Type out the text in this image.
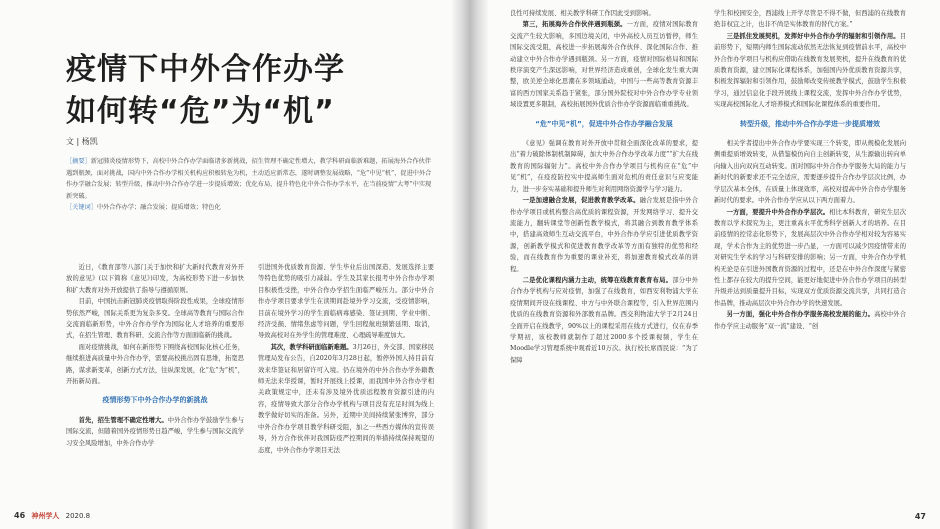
疫情下中外合作办学
如何转“危”为“机”
文 | 杨凯
［摘要］新冠肺炎疫情形势下，高校中外合作办学面临诸多新挑战，招生管理不确定性增大，教学科研面临新难题，拓展海外合作伙伴遇到瓶颈，面对挑战，国内中外合作办学相关机构应积极转危为机，主动适应新常态，遂时调整发展战略，“危”中见“机”，促进中外合作办学融合发展；转型升级，推动中外合作办学进一步提质增效；优化布局，提升特色化中外合作办学水平，在当前疫情“大考”中实现新突破。
［关键词］中外合作办学；融合发展；提质增效；特色化

近日，《教育部等八部门关于加快和扩大新时代教育对外开放的意见》(以下简称《意见》)印发，为高校形势下进一步加快和扩大教育对外开放提供了指导与遵循原则。

目前，中国抗击新冠肺炎疫情取得阶段性成果，全球疫情形势依然严峻，国际关系更为复杂多变。全球高等教育与国际合作交流面临新形势，中外合作办学作为国际化人才培养的重要形式，在招生管理、教育科研、交流合作等方面面临新的挑战。

面对疫情挑战，如何在新形势下围绕高校国际化核心任务，继续推进高质量中外合作办学，需要高校挑出固有思维，拓宽思路，谋求新变革，创新方式方法，往纵深发展，化“危”为“机”，开拓新局面。

疫情形势下中外合作办学的新挑战

首先，招生管理不确定性增大。中外合作办学鼓励学生参与国际交流，但随着国外疫情形势日趋严峻，学生参与国际交流学习安全风险增加，中外合作办学

引进国外优质教育资源、学生毕业后出国深造、发展选择主要等特色优势的吸引力减弱。学生及其家长报考中外合作办学项目积极性受挫，中外合作办学招生面临严峻压力。部分中外合作办学项目要求学生在读期间赴境外学习交流，受疫情影响，目前在境外学习的学生面临病毒感染、签证到期、学业中断、经济受损、情绪焦虑等问题，学生回程航班频繁延期、取消，导致高校对在外学生的管理难度、心理疏导难度加大。

其次，教学科研面临新难题。3月26日，外交部、国家移民管理局发布公告，自2020年3月28日起，暂停外国人持目前有效来华签证和居留许可入境。仍在境外的中外合作办学外籍教师无法来华授课，暂时开展线上授课，而我国中外合作办学相关政策规定中，还未有涉及境外优质远程教育资源引进的内容，疫情导致大部分合作办学机构与项目没有充足时间为线上教学做好切实的准备。另外，近期中美间持续紧张博弈，部分中外合作办学项目教学科研受阻，加之一些西方媒体的宣传误导，外方合作伙伴对我国防疫严控期间的举措持续保持观望的态度，中外合作办学项目无法

46 神州学人 2020.8

良性可持续发展、相关教学科研工作因此受到影响。

第三，拓展海外合作伙伴遇到瓶颈。一方面，疫情对国际教育交流产生较大影响，多国边境关闭，中外高校人员互访暂停，师生国际交流受阻，高校进一步拓展海外合作伙伴、深化国际合作、推动建立中外合作办学遇到瓶颈。另一方面，疫情对国际格局和国际秩序演变产生深远影响，对世界经济造成重创，全球化发生重大调整，欧美逆全球化思潮在多领域涌动，中国与一些高等教育资源丰富的西方国家关系趋于紧张，部分国外院校对中外合作办学专业领域设置更多限制，高校拓展国外优质合作办学资源面临重重挑战。

“危”中见“机”，促进中外合作办学融合发展

《意见》强调在教育对外开放中贯彻全面深化改革的要求，提出“着力破除体制机制障碍，加大中外合作办学改革力度”“扩大在线教育的国际辐射力”。高校中外合作办学项目与机构应在“危”中见“机”，在疫疫防控实中提高师生面对危机的责任意识与应变能力，进一步夯实基础和提升师生对利用网络资源学与学习能力。

一是加速融合发展，促进教育教学改革。融合发展是指中外合作办学项目或机构整合高优质的课程资源，开发网络学习、提升交流能力，翻转课堂等创新性教学模式，将其融合到教育教学体系中，搭建高效师生互动交流平台，中外合作办学应引进优质教学资源，创新教学模式和促进教育教学改革等方面有独特的优势和经验，而在线教育作为重要的课业补充，将加速教育模式改革的讲程。

二是优化课程内涵力主动，统筹在线教育教育布局。部分中外合作办学机构与应对疫情，加强了在线教育，如西安利物浦大学在疫情期间开设在线课程、中方与中外联合课程等，引入世界范围内优质的在线教育资源和外部教育品牌。西交利物浦大学于2月24日全面开启在线教学，90%以上的课程采用在线方式进行，仅在春季学期初，该校教师就制作了超过2000多个授课视频，学生在Moodle学习管理系统中观看近10万次。执行校长席酉民说：“为了保障

学生和校园安全，西浦线上开学尽管是不得不做，但西浦的在线教育绝非权宜之计，也非不尚是实体教育的替代方案。”

三是抓住发展契机，发挥好中外合作办学的辐射和引领作用。目前形势下，短期内师生国际流动依然无法恢复到疫情前水平，高校中外合作办学项目与机构应借助在线教育发展契机，提升在线教育的优质教育资源，建立国际化课程体系，加强国内外优质教育资源共享，积极发挥辐射和引领作用，鼓励师改变传统教学模式，鼓励学生积极学习，通过信息化手段开展线上课程交流，发挥中外合作办学优势，实现高校国际化人才培养模式和国际化课程体系的重要作用。

转型升级，推动中外合作办学进一步提质增效

相关学者提出中外合作办学要实现三个转变，即从规模化发展向侧重提质增效转变，从借鉴模仿向自主创新转变，从生源输出转向单向输入出向双向互动转变。面对国际中外合作办学服务大局的能力与新时代的新要求还不完全适应，需要逐步提升合作办学层次比例，办学层次基本全体，在质量上体现效率，高校对提高中外合作办学服务新时代的要求。中外合作办学应从以下两方面着力。

一方面，要提升中外合作办学层次。相比本科教育，研究生层次教育以学术探究为主，更注重高水平优秀科学创新人才的培养。在目前疫情的控常态化形势下，发展高层次中外合作办学相对较为容易实现，学术合作为主的优势进一步凸显，一方面可以减少因疫情带来的对研究生学术的学习与科研安排的影响；另一方面，中外合作办学机构无论是在引进外国教育资源的过程中，还是在中外合作深度与紧密性上都存在较大的提升空间，能更好地促进中外合作办学项目的转型升级并达到质量提升目标，实现双方优质资源交流共享，共同打造合作品牌，推动高层次中外合作办学的快速发展。

另一方面，强化中外合作办学服务高校发展的能力。高校中外合作办学应主动服务“双一流”建设、“创

47
